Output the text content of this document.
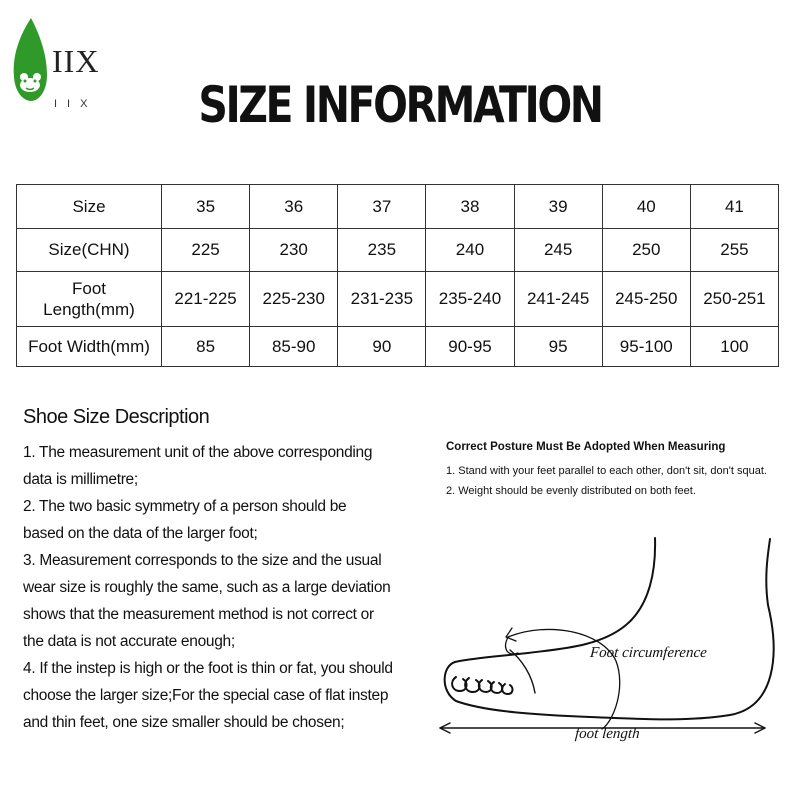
IIX
IIX	SIZE INFORMATION
Size	35	36	37	38	39	40	41
Size(CHN)	225	230	235	240	245	250	255

Foot
Length(mm)	221-225	225-230	231-235	235-240	241-245	245-250	250-251
Foot Width(mm)	85	85-90	90	90-95	95	95-100	100
Shoe Size Description
1. The measurement unit of the above corresponding
data is millimetre;
2. The two basic symmetry of a person should be
based on the data of the larger foot;
3. Measurement corresponds to the size and the usual
wear size is roughly the same, such as a large deviation
shows that the measurement method is not correct or
the data is not accurate enough;
4. If the instep is high or the foot is thin or fat, you should
choose the larger size;For the special case of flat instep
and thin feet, one size smaller should be chosen;
Correct Posture Must Be Adopted When Measuring
1. Stand with your feet parallel to each other, don't sit, don't squat.
2. Weight should be evenly distributed on both feet.
Foot circumference
foot length
